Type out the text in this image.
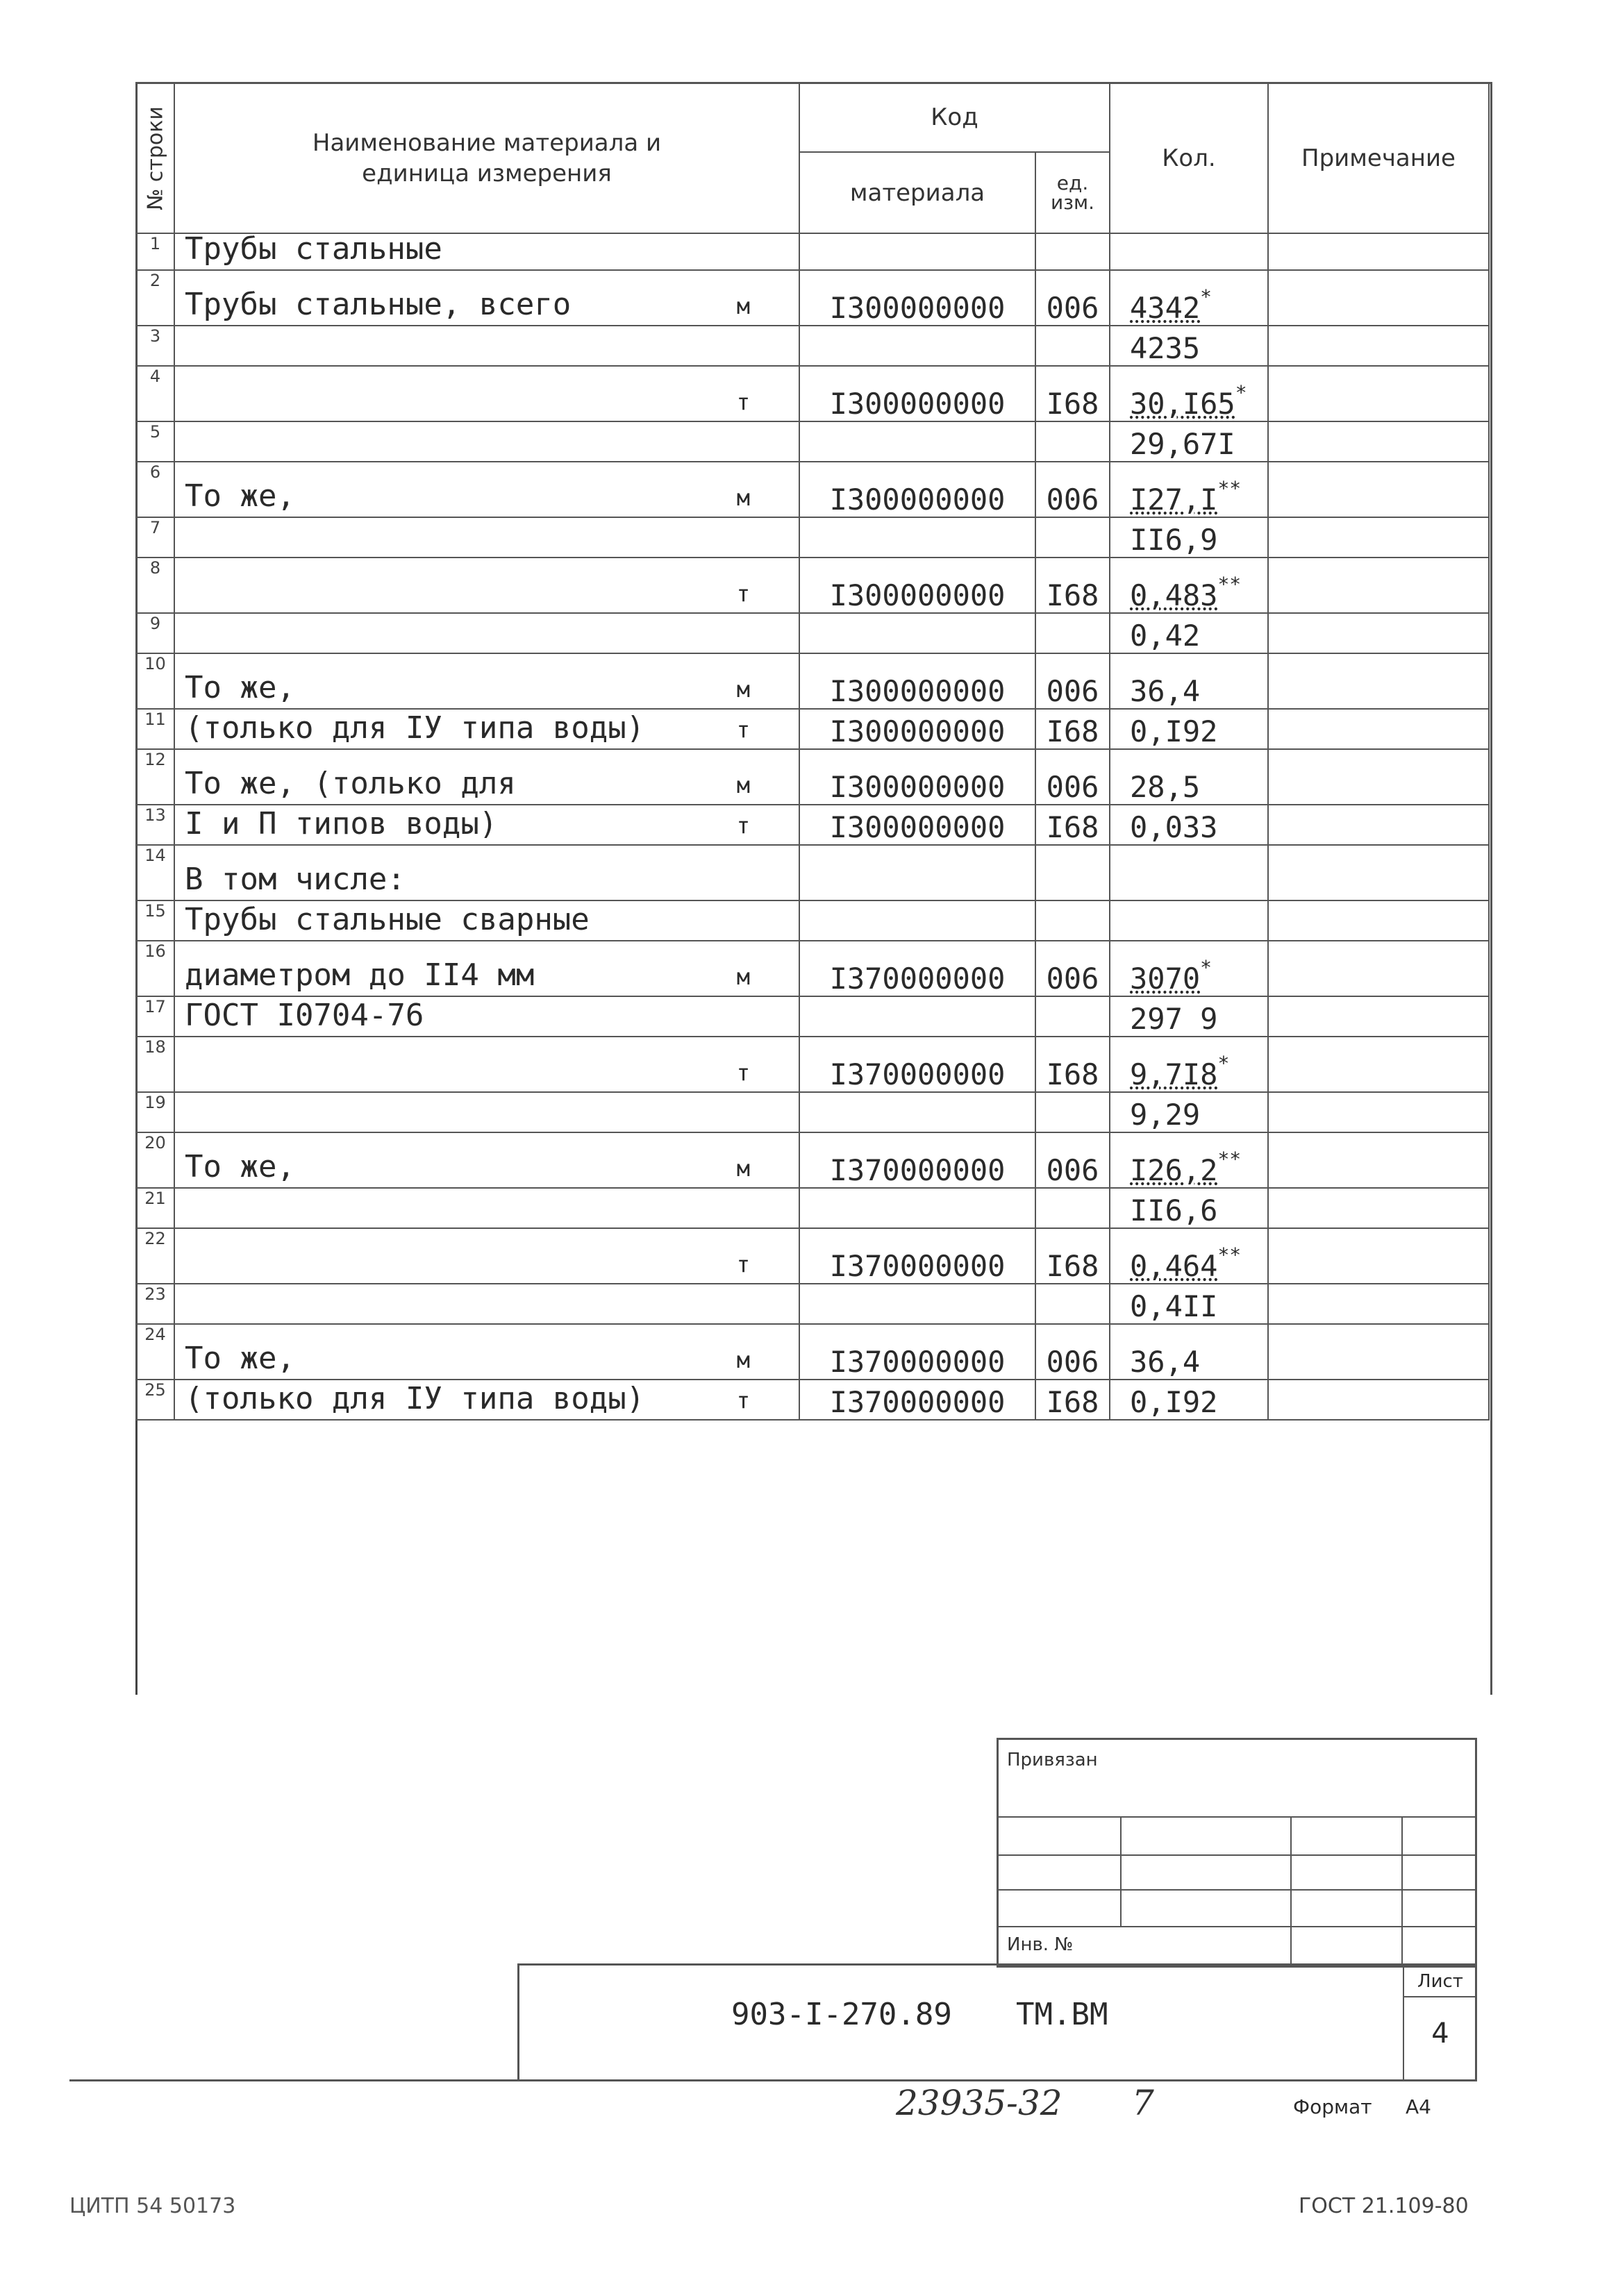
№ строки	Наименование материала и единица измерения	Код		Кол.	Примечание
		материала	ед. изм.		
1	Трубы стальные

2	Трубы стальные, всего м	I300000000	006	4342*	
3				4235	
4	т	I300000000	I68	30,I65*	
5				29,67I	
6	То же, м	I300000000	006	I27,I**	
7				II6,9	
8	т	I300000000	I68	0,483**	
9				0,42	
10	То же, м	I300000000	006	36,4	
11	(только для IУ типа воды) т	I300000000	I68	0,I92	
12	То же, (только для м	I300000000	006	28,5	
13	I и П типов воды) т	I300000000	I68	0,033	
14	В том числе:

15	Трубы стальные сварные

16	диаметром до II4 мм м	I370000000	006	3070*	
17	ГОСТ I0704-76			297 9	
18	т	I370000000	I68	9,7I8*	
19				9,29	
20	То же, м	I370000000	006	I26,2**	
21				II6,6	
22	т	I370000000	I68	0,464**	
23				0,4II	
24	То же, м	I370000000	006	36,4	
25	(только для IУ типа воды) т	I370000000	I68	0,I92	
Привязан
Инв. №
903-I-270.89 ТМ.ВМ
Лист
4
23935-32 7	Формат А4
ЦИТП 54 50173	ГОСТ 21.109-80
